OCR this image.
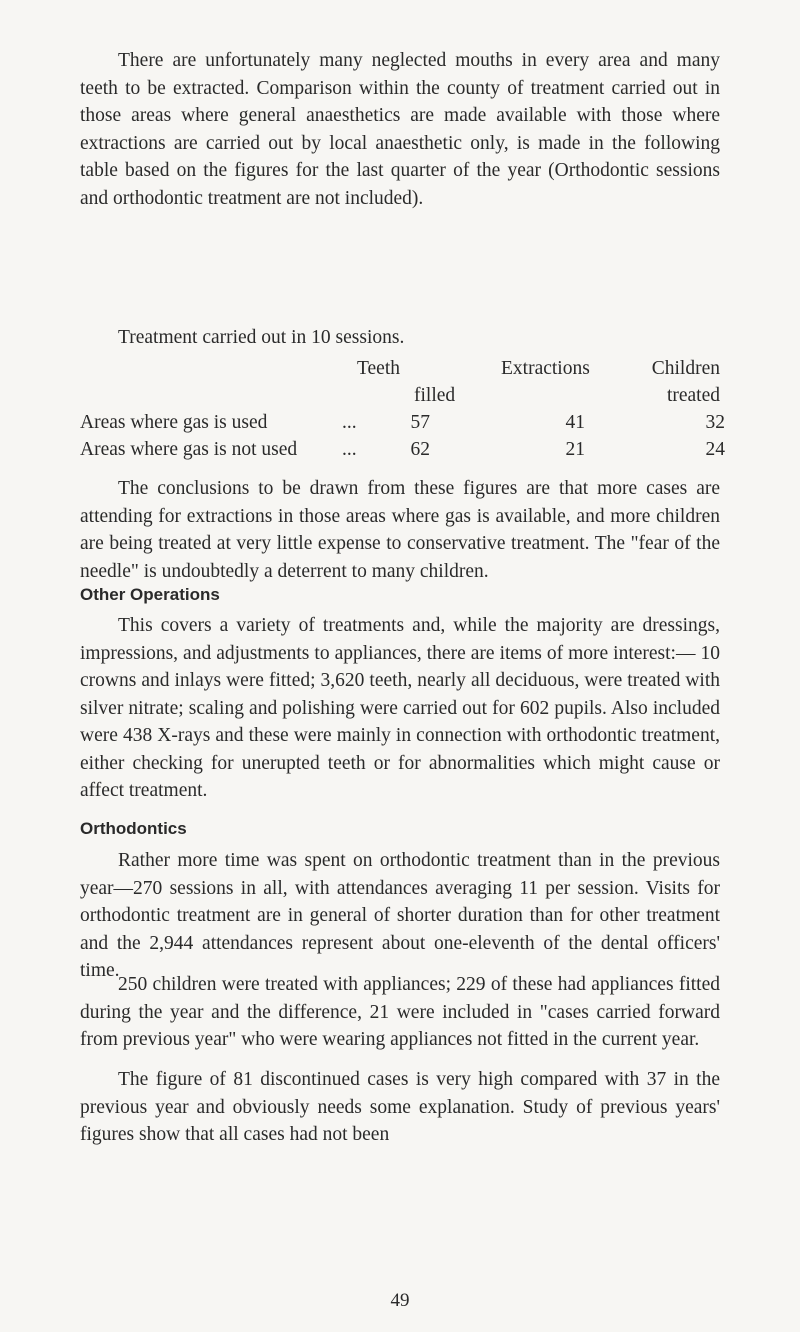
There are unfortunately many neglected mouths in every area and many teeth to be extracted. Comparison within the county of treatment carried out in those areas where general anaesthetics are made available with those where extractions are carried out by local anaesthetic only, is made in the following table based on the figures for the last quarter of the year (Orthodontic sessions and orthodontic treatment are not included).

Treatment carried out in 10 sessions.

Teeth
filled
Extractions	Children
treated
Areas where gas is used	...	57	41	32
Areas where gas is not used ...	62	21	24

The conclusions to be drawn from these figures are that more cases are attending for extractions in those areas where gas is available, and more children are being treated at very little expense to conservative treatment. The "fear of the needle" is undoubtedly a deterrent to many children.

Other Operations

This covers a variety of treatments and, while the majority are dressings, impressions, and adjustments to appliances, there are items of more interest:— 10 crowns and inlays were fitted; 3,620 teeth, nearly all deciduous, were treated with silver nitrate; scaling and polishing were carried out for 602 pupils. Also included were 438 X-rays and these were mainly in connection with orthodontic treatment, either checking for unerupted teeth or for abnormalities which might cause or affect treatment.

Orthodontics

Rather more time was spent on orthodontic treatment than in the previous year—270 sessions in all, with attendances averaging 11 per session. Visits for orthodontic treatment are in general of shorter duration than for other treatment and the 2,944 attendances represent about one-eleventh of the dental officers' time.

250 children were treated with appliances; 229 of these had appliances fitted during the year and the difference, 21 were included in "cases carried forward from previous year" who were wearing appliances not fitted in the current year.

The figure of 81 discontinued cases is very high compared with 37 in the previous year and obviously needs some explanation. Study of previous years' figures show that all cases had not been

49
